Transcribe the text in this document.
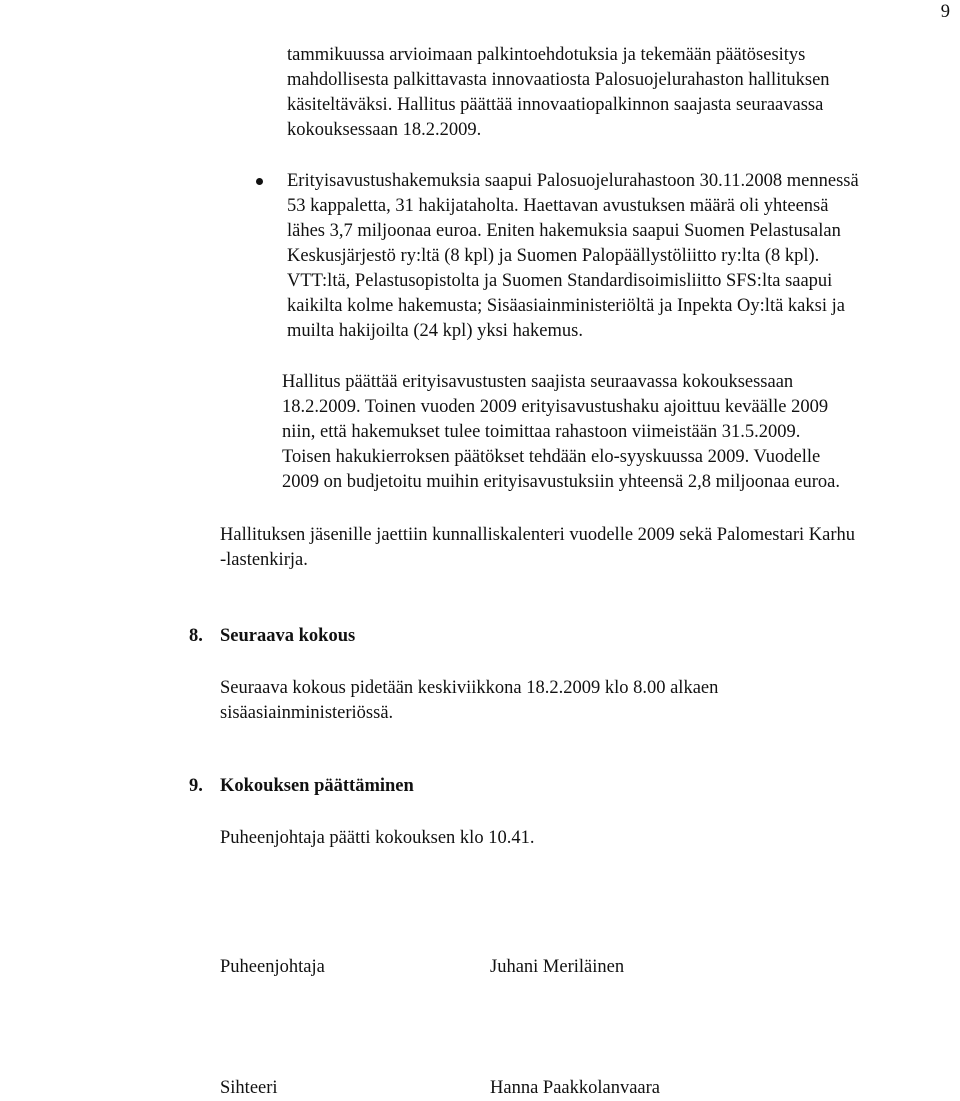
9
tammikuussa arvioimaan palkintoehdotuksia ja tekemään päätösesitys
mahdollisesta palkittavasta innovaatiosta Palosuojelurahaston hallituksen
käsiteltäväksi. Hallitus päättää innovaatiopalkinnon saajasta seuraavassa
kokouksessaan 18.2.2009.
Erityisavustushakemuksia saapui Palosuojelurahastoon 30.11.2008 mennessä
53 kappaletta, 31 hakijataholta. Haettavan avustuksen määrä oli yhteensä
lähes 3,7 miljoonaa euroa. Eniten hakemuksia saapui Suomen Pelastusalan
Keskusjärjestö ry:ltä (8 kpl) ja Suomen Palopäällystöliitto ry:lta (8 kpl).
VTT:ltä, Pelastusopistolta ja Suomen Standardisoimisliitto SFS:lta saapui
kaikilta kolme hakemusta; Sisäasiainministeriöltä ja Inpekta Oy:ltä kaksi ja
muilta hakijoilta (24 kpl) yksi hakemus.
Hallitus päättää erityisavustusten saajista seuraavassa kokouksessaan
18.2.2009. Toinen vuoden 2009 erityisavustushaku ajoittuu keväälle 2009
niin, että hakemukset tulee toimittaa rahastoon viimeistään 31.5.2009.
Toisen hakukierroksen päätökset tehdään elo-syyskuussa 2009. Vuodelle
2009 on budjetoitu muihin erityisavustuksiin yhteensä 2,8 miljoonaa euroa.
Hallituksen jäsenille jaettiin kunnalliskalenteri vuodelle 2009 sekä Palomestari Karhu
-lastenkirja.
8. Seuraava kokous
Seuraava kokous pidetään keskiviikkona 18.2.2009 klo 8.00 alkaen
sisäasiainministeriössä.
9. Kokouksen päättäminen
Puheenjohtaja päätti kokouksen klo 10.41.
Puheenjohtaja	Juhani Meriläinen
Sihteeri	Hanna Paakkolanvaara
